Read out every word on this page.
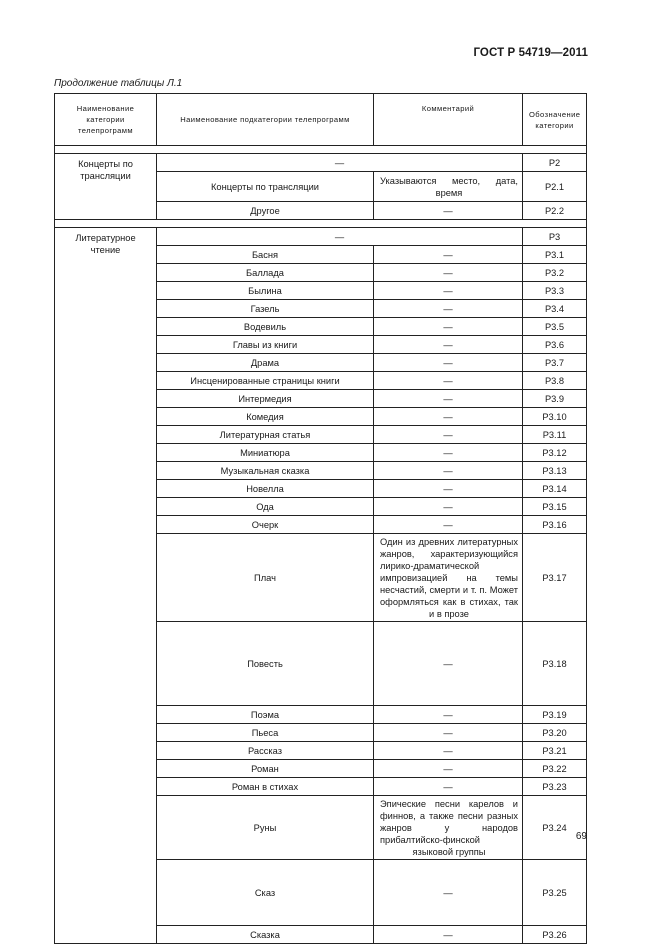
ГОСТ Р 54719—2011
Продолжение таблицы Л.1
Наименование категории телепрограмм	Наименование подкатегории телепрограмм	Комментарий	Обозначение категории

Концерты по трансляции	—		P2
	Концерты по трансляции	Указываются место, дата, время	P2.1
	Другое	—	P2.2

Литературное чтение	—		P3
	Басня	—	P3.1
	Баллада	—	P3.2
	Былина	—	P3.3
	Газель	—	P3.4
	Водевиль	—	P3.5
	Главы из книги	—	P3.6
	Драма	—	P3.7
	Инсценированные страницы книги	—	P3.8
	Интермедия	—	P3.9
	Комедия	—	P3.10
	Литературная статья	—	P3.11
	Миниатюра	—	P3.12
	Музыкальная сказка	—	P3.13
	Новелла	—	P3.14
	Ода	—	P3.15
	Очерк	—	P3.16
	Плач	Один из древних литературных жанров, характеризующийся лирико-драматической импровизацией на темы несчастий, смерти и т. п. Может оформляться как в стихах, так и в прозе	P3.17
	Повесть	—	P3.18
	Поэма	—	P3.19
	Пьеса	—	P3.20
	Рассказ	—	P3.21
	Роман	—	P3.22
	Роман в стихах	—	P3.23
	Руны	Эпические песни карелов и финнов, а также песни разных жанров у народов прибалтийско-финской языковой группы	P3.24
	Сказ	—	P3.25
	Сказка	—	P3.26
69
